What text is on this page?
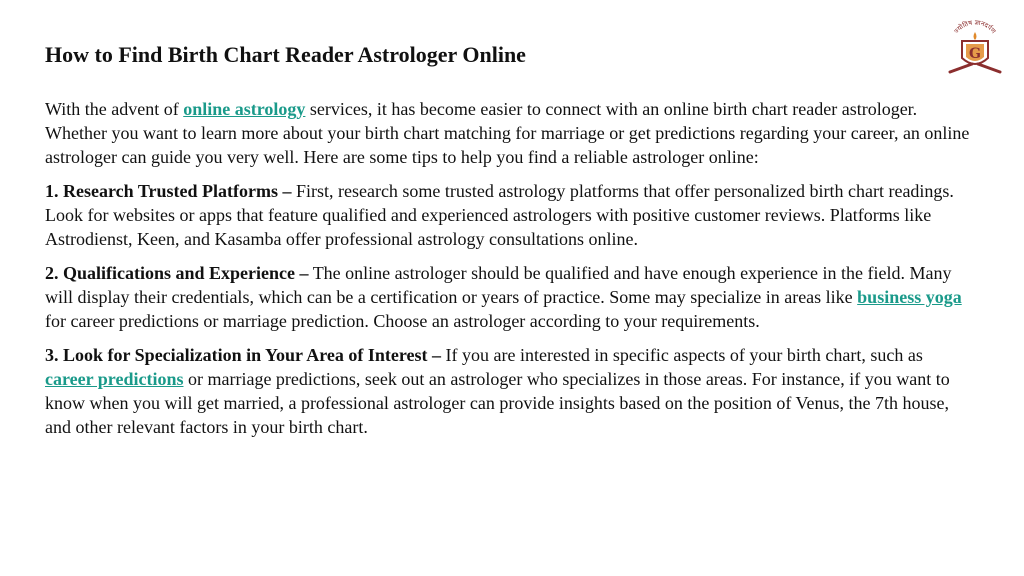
How to Find Birth Chart Reader Astrologer Online
ज्योतिष ज्ञानदर्पण
G

With the advent of online astrology services, it has become easier to connect with an online birth chart reader astrologer. Whether you want to learn more about your birth chart matching for marriage or get predictions regarding your career, an online astrologer can guide you very well. Here are some tips to help you find a reliable astrologer online:

1. Research Trusted Platforms – First, research some trusted astrology platforms that offer personalized birth chart readings. Look for websites or apps that feature qualified and experienced astrologers with positive customer reviews. Platforms like Astrodienst, Keen, and Kasamba offer professional astrology consultations online.

2. Qualifications and Experience – The online astrologer should be qualified and have enough experience in the field. Many will display their credentials, which can be a certification or years of practice. Some may specialize in areas like business yoga for career predictions or marriage prediction. Choose an astrologer according to your requirements.

3. Look for Specialization in Your Area of Interest – If you are interested in specific aspects of your birth chart, such as career predictions or marriage predictions, seek out an astrologer who specializes in those areas. For instance, if you want to know when you will get married, a professional astrologer can provide insights based on the position of Venus, the 7th house, and other relevant factors in your birth chart.
